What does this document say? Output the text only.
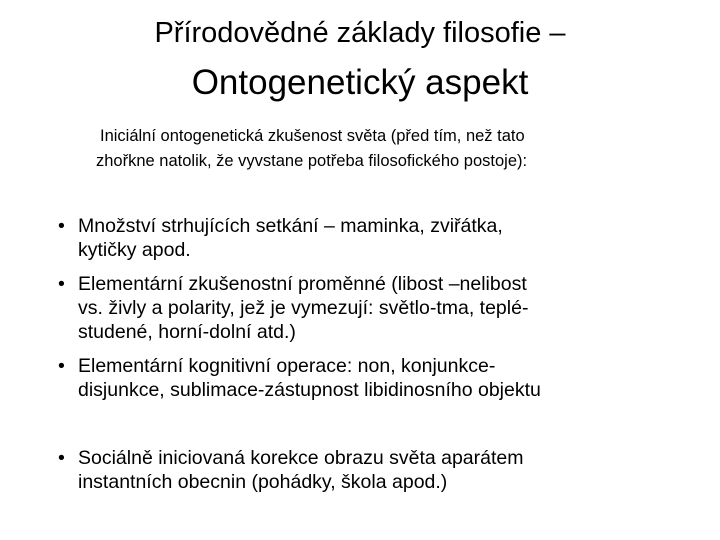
Přírodovědné základy filosofie –
Ontogenetický aspekt
Iniciální ontogenetická zkušenost světa (před tím, než tato
zhořkne natolik, že vyvstane potřeba filosofického postoje):
• Množství strhujících setkání – maminka, zviřátka,
kytičky apod.
• Elementární zkušenostní proměnné (libost –nelibost
vs. živly a polarity, jež je vymezují: světlo-tma, teplé-
studené, horní-dolní atd.)
• Elementární kognitivní operace: non, konjunkce-
disjunkce, sublimace-zástupnost libidinosního objektu
• Sociálně iniciovaná korekce obrazu světa aparátem
instantních obecnin (pohádky, škola apod.)
